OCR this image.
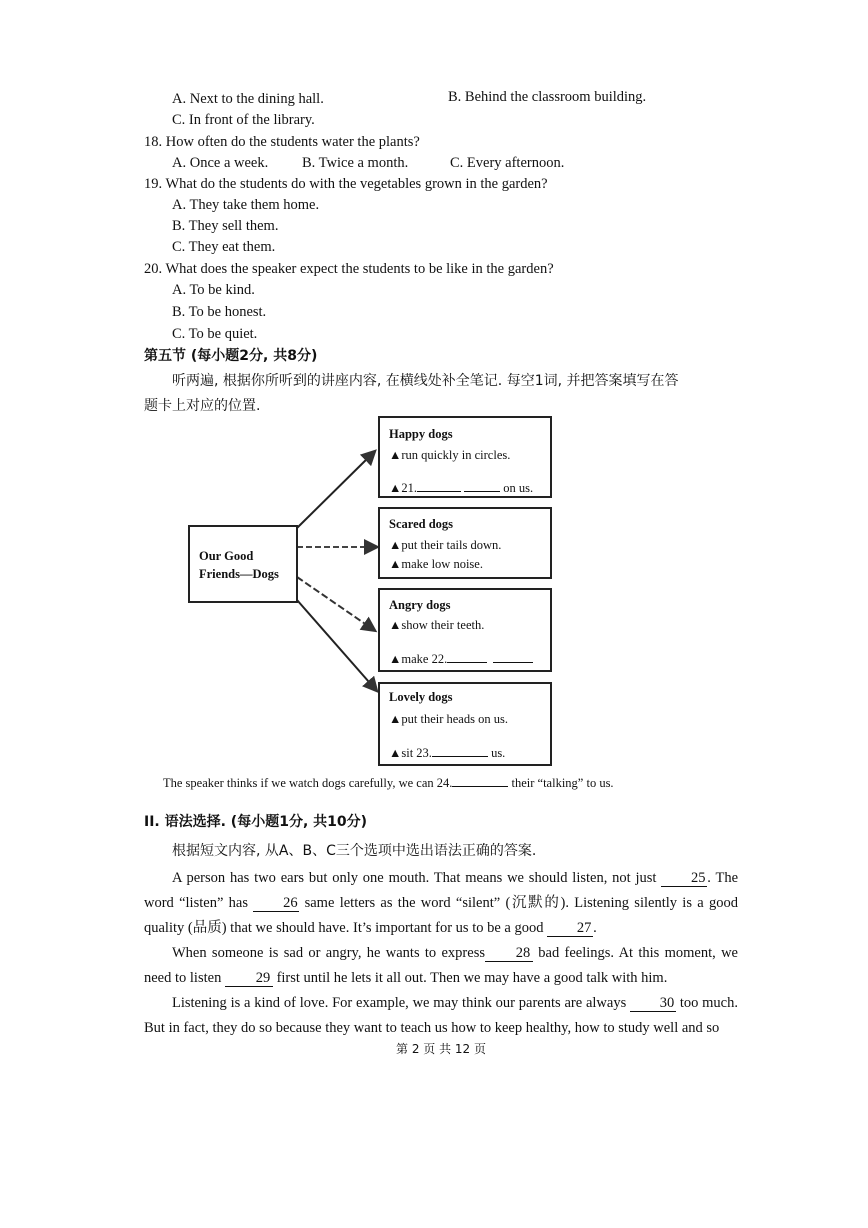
A. Next to the dining hall.	B. Behind the classroom building.
C. In front of the library.
18. How often do the students water the plants?
A. Once a week. B. Twice a month.	C. Every afternoon.
19. What do the students do with the vegetables grown in the garden?
A. They take them home.
B. They sell them.
C. They eat them.
20. What does the speaker expect the students to be like in the garden?
A. To be kind.
B. To be honest.
C. To be quiet.
第五节 (每小题2分, 共8分)
听两遍, 根据你所听到的讲座内容, 在横线处补全笔记. 每空1词, 并把答案填写在答
题卡上对应的位置.
Our Good
Friends—Dogs
Happy dogs
▲run quickly in circles.
▲21.	on us.
Scared dogs
▲put their tails down.
▲make low noise.
Angry dogs
▲show their teeth.
▲make 22.
Lovely dogs
▲put their heads on us.
▲sit 23.	us.
The speaker thinks if we watch dogs carefully, we can 24.	their “talking” to us.
II. 语法选择. (每小题1分, 共10分)
根据短文内容, 从A、B、C三个选项中选出语法正确的答案.
A person has two ears but only one mouth. That means we should listen, not just 25 . The word “listen” has 26 same letters as the word “silent” (沉默的). Listening silently is a good quality (品质) that we should have. It’s important for us to be a good 27 .
When someone is sad or angry, he wants to express 28 bad feelings. At this moment, we need to listen 29 first until he lets it all out. Then we may have a good talk with him.
Listening is a kind of love. For example, we may think our parents are always 30 too much. But in fact, they do so because they want to teach us how to keep healthy, how to study well and so
第 2 页 共 12 页
